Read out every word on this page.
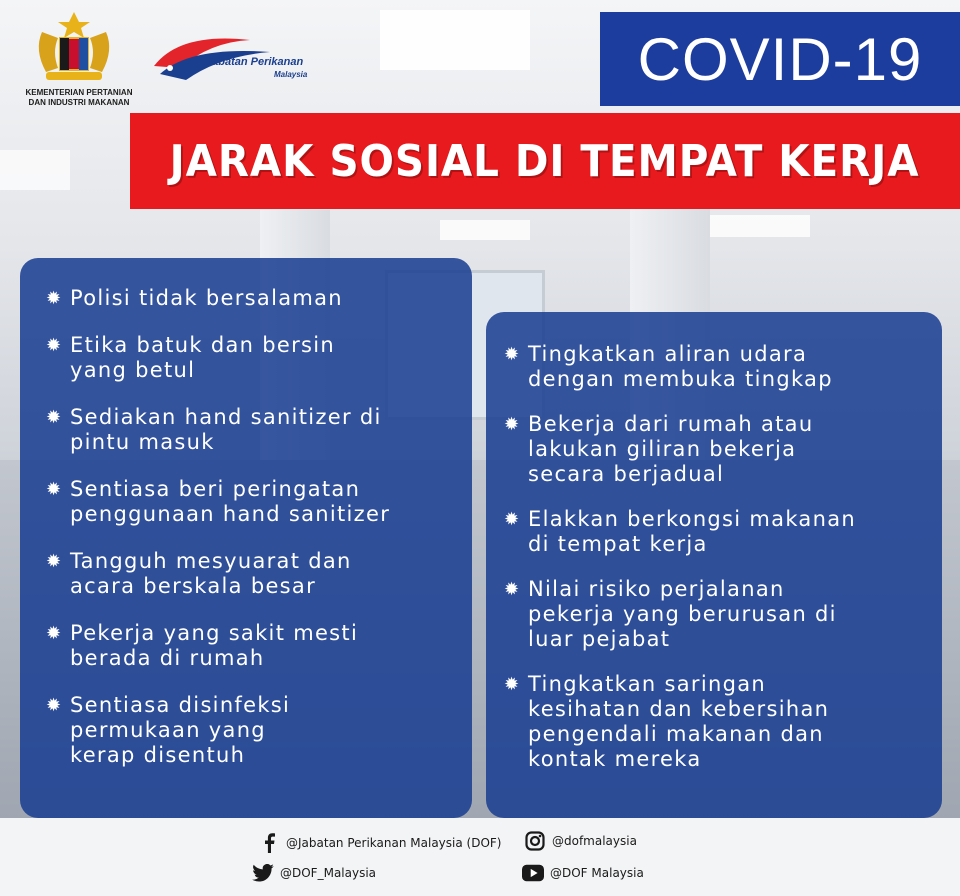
KEMENTERIAN PERTANIAN
DAN INDUSTRI MAKANAN
Jabatan Perikanan
Malaysia	COVID-19
JARAK SOSIAL DI TEMPAT KERJA
✹ Polisi tidak bersalaman
✹ Etika batuk dan bersin
yang betul
✹ Sediakan hand sanitizer di
pintu masuk
✹ Sentiasa beri peringatan
penggunaan hand sanitizer
✹ Tangguh mesyuarat dan
acara berskala besar
✹ Pekerja yang sakit mesti
berada di rumah
✹ Sentiasa disinfeksi
permukaan yang
kerap disentuh
✹ Tingkatkan aliran udara
dengan membuka tingkap
✹ Bekerja dari rumah atau
lakukan giliran bekerja
secara berjadual
✹ Elakkan berkongsi makanan
di tempat kerja
✹ Nilai risiko perjalanan
pekerja yang berurusan di
luar pejabat
✹ Tingkatkan saringan
kesihatan dan kebersihan
pengendali makanan dan
kontak mereka
@Jabatan Perikanan Malaysia (DOF)	@dofmalaysia
@DOF_Malaysia	@DOF Malaysia
